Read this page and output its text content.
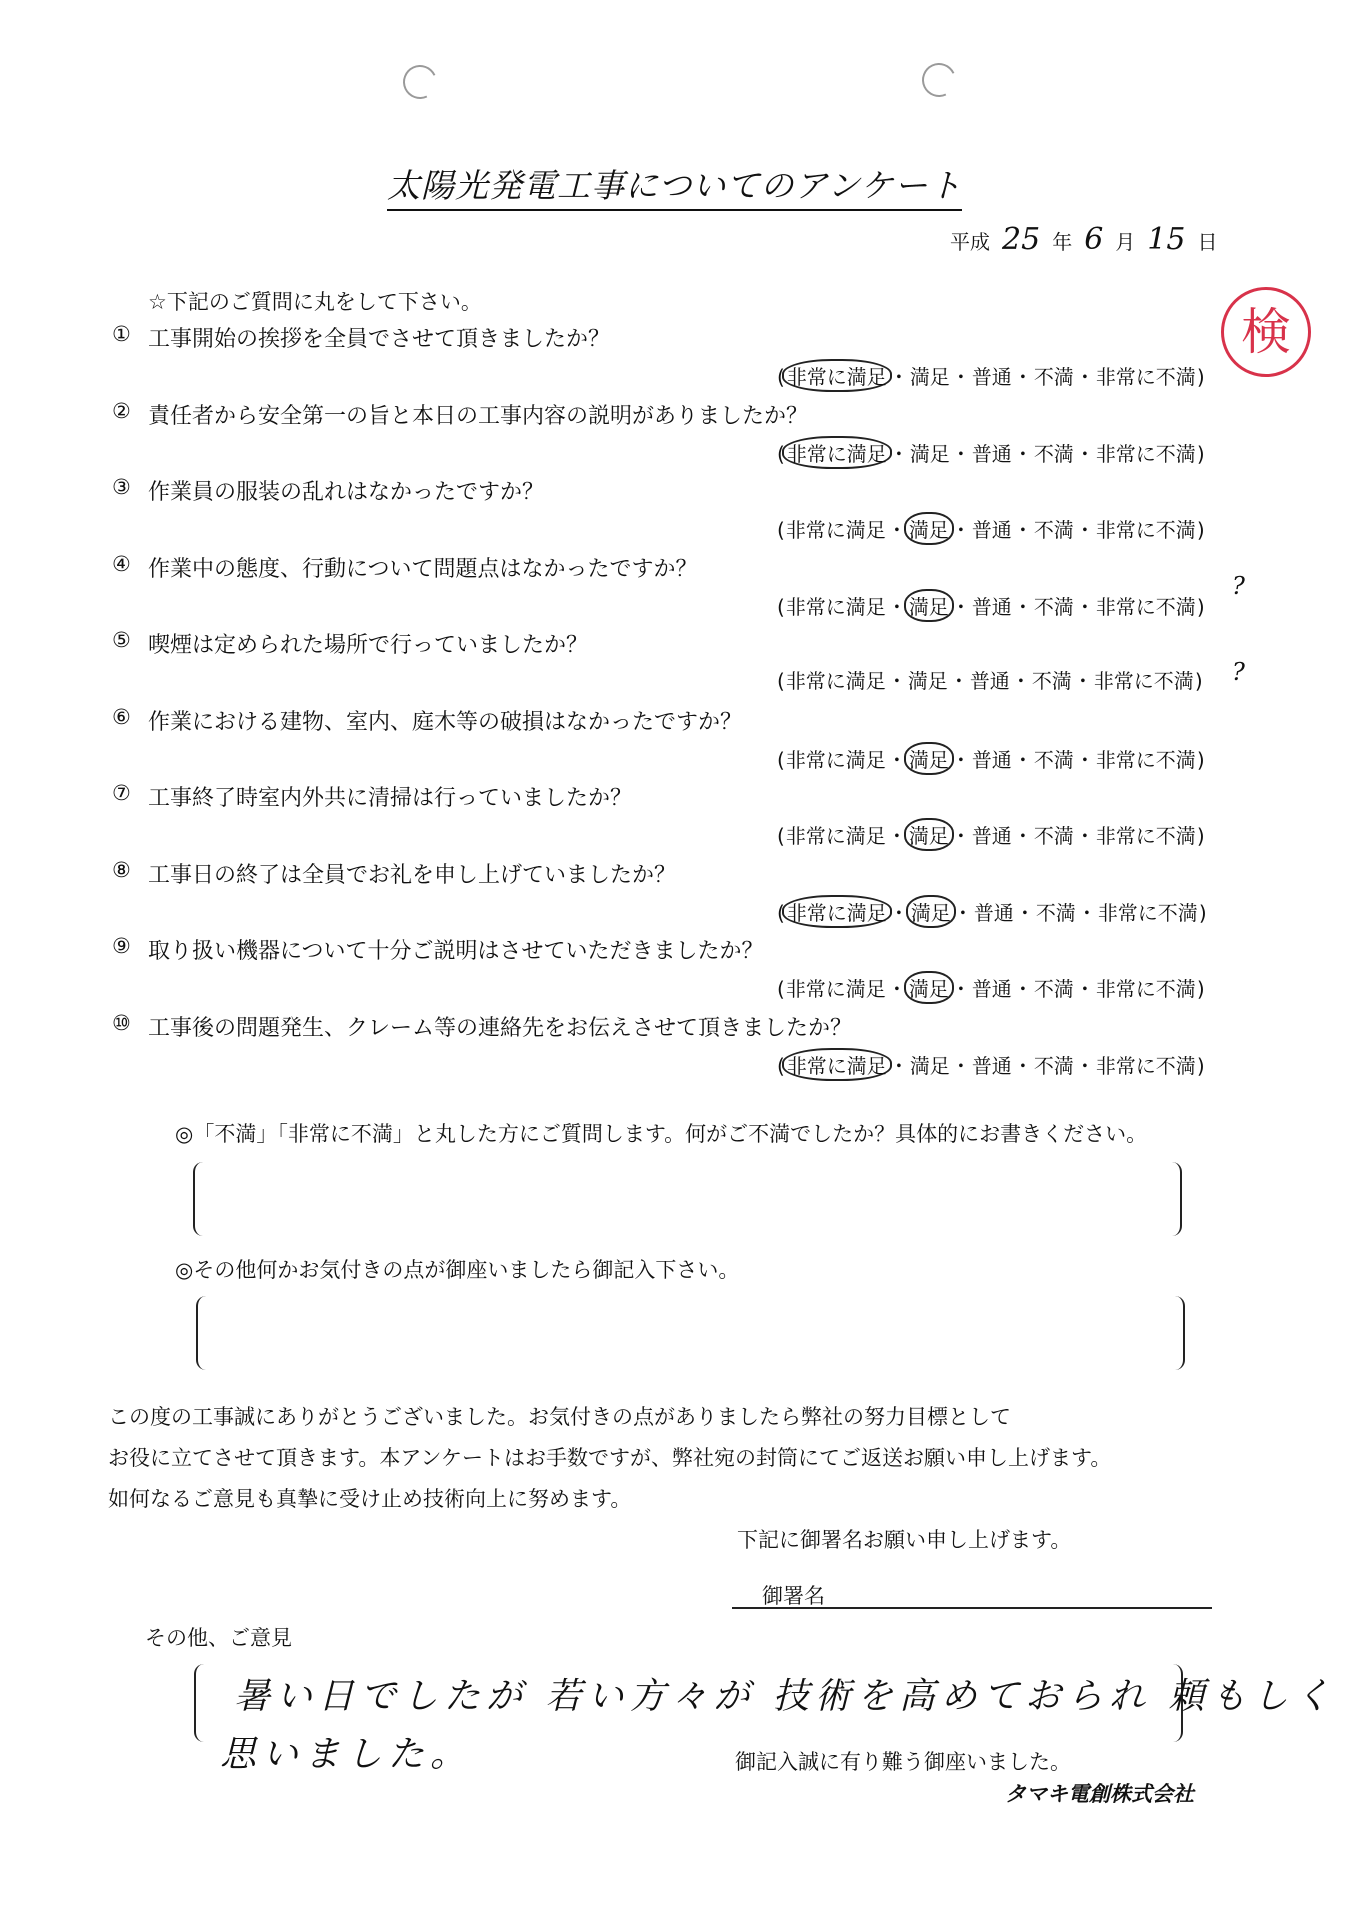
太陽光発電工事についてのアンケート
平成 25 年 6 月 15 日
検
☆下記のご質問に丸をして下さい。
① 工事開始の挨拶を全員でさせて頂きましたか？
( 非常に満足 ・満足・普通・不満・非常に不満)
② 責任者から安全第一の旨と本日の工事内容の説明がありましたか？
( 非常に満足 ・満足・普通・不満・非常に不満)
③ 作業員の服装の乱れはなかったですか？
(非常に満足・ 満足 ・普通・不満・非常に不満)
④ 作業中の態度、行動について問題点はなかったですか？
(非常に満足・ 満足 ・普通・不満・非常に不満)
?
⑤ 喫煙は定められた場所で行っていましたか？
(非常に満足・満足・普通・不満・非常に不満) ?
⑥ 作業における建物、室内、庭木等の破損はなかったですか？
(非常に満足・ 満足 ・普通・不満・非常に不満)
⑦ 工事終了時室内外共に清掃は行っていましたか？
(非常に満足・ 満足 ・普通・不満・非常に不満)
⑧ 工事日の終了は全員でお礼を申し上げていましたか？
( 非常に満足 ・ 満足 ・普通・不満・非常に不満)
⑨ 取り扱い機器について十分ご説明はさせていただきましたか？
(非常に満足・ 満足 ・普通・不満・非常に不満)
⑩ 工事後の問題発生、クレーム等の連絡先をお伝えさせて頂きましたか？
( 非常に満足 ・満足・普通・不満・非常に不満)
◎「不満」「非常に不満」と丸した方にご質問します。何がご不満でしたか？具体的にお書きください。
◎その他何かお気付きの点が御座いましたら御記入下さい。
この度の工事誠にありがとうございました。お気付きの点がありましたら弊社の努力目標として
お役に立てさせて頂きます。本アンケートはお手数ですが、弊社宛の封筒にてご返送お願い申し上げます。
如何なるご意見も真摯に受け止め技術向上に努めます。
下記に御署名お願い申し上げます。
御署名
その他、ご意見
暑い日でしたが 若い方々が 技術を高めておられ 頼もしく
思いました。	御記入誠に有り難う御座いました。
タマキ電創株式会社
